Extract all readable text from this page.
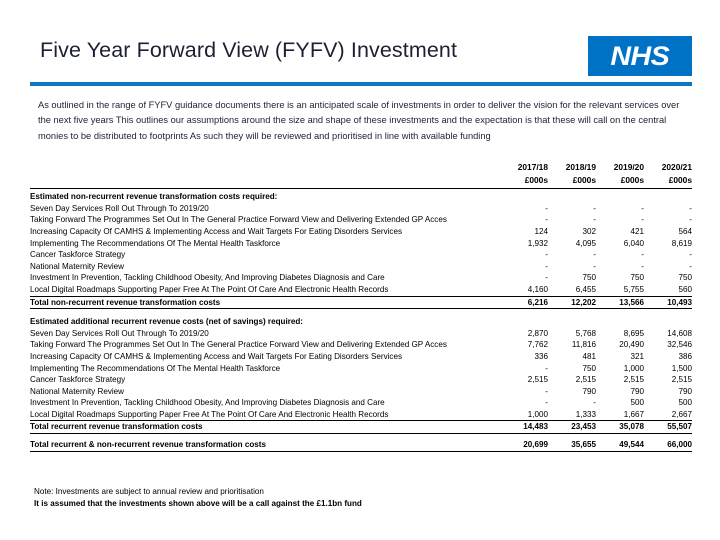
Five Year Forward View (FYFV) Investment	NHS

As outlined in the range of FYFV guidance documents there is an anticipated scale of investments in order to deliver the vision for the relevant services over the next five years This outlines our assumptions around the size and shape of these investments and the expectation is that these will call on the central monies to be distributed to footprints As such they will be reviewed and prioritised in line with available funding

	2017/18	2018/19	2019/20	2020/21
	£000s	£000s	£000s	£000s
Estimated non-recurrent revenue transformation costs required:				
Seven Day Services Roll Out Through To 2019/20	-	-	-	-
Taking Forward The Programmes Set Out In The General Practice Forward View and Delivering Extended GP Acces	-	-	-	-
Increasing Capacity Of CAMHS & Implementing Access and Wait Targets For Eating Disorders Services	124	302	421	564
Implementing The Recommendations Of The Mental Health Taskforce	1,932	4,095	6,040	8,619
Cancer Taskforce Strategy	-	-	-	-
National Maternity Review	-	-	-	-
Investment In Prevention, Tackling Childhood Obesity, And Improving Diabetes Diagnosis and Care	-	750	750	750
Local Digital Roadmaps Supporting Paper Free At The Point Of Care And Electronic Health Records	4,160	6,455	5,755	560
Total non-recurrent revenue transformation costs	6,216	12,202	13,566	10,493

Estimated additional recurrent revenue costs (net of savings) required:				
Seven Day Services Roll Out Through To 2019/20	2,870	5,768	8,695	14,608
Taking Forward The Programmes Set Out In The General Practice Forward View and Delivering Extended GP Acces	7,762	11,816	20,490	32,546
Increasing Capacity Of CAMHS & Implementing Access and Wait Targets For Eating Disorders Services	336	481	321	386
Implementing The Recommendations Of The Mental Health Taskforce	-	750	1,000	1,500
Cancer Taskforce Strategy	2,515	2,515	2,515	2,515
National Maternity Review	-	790	790	790
Investment In Prevention, Tackling Childhood Obesity, And Improving Diabetes Diagnosis and Care	-	-	500	500
Local Digital Roadmaps Supporting Paper Free At The Point Of Care And Electronic Health Records	1,000	1,333	1,667	2,667
Total recurrent revenue transformation costs	14,483	23,453	35,078	55,507

Total recurrent & non-recurrent revenue transformation costs	20,699	35,655	49,544	66,000
Note: Investments are subject to annual review and prioritisation
It is assumed that the investments shown above will be a call against the £1.1bn fund
